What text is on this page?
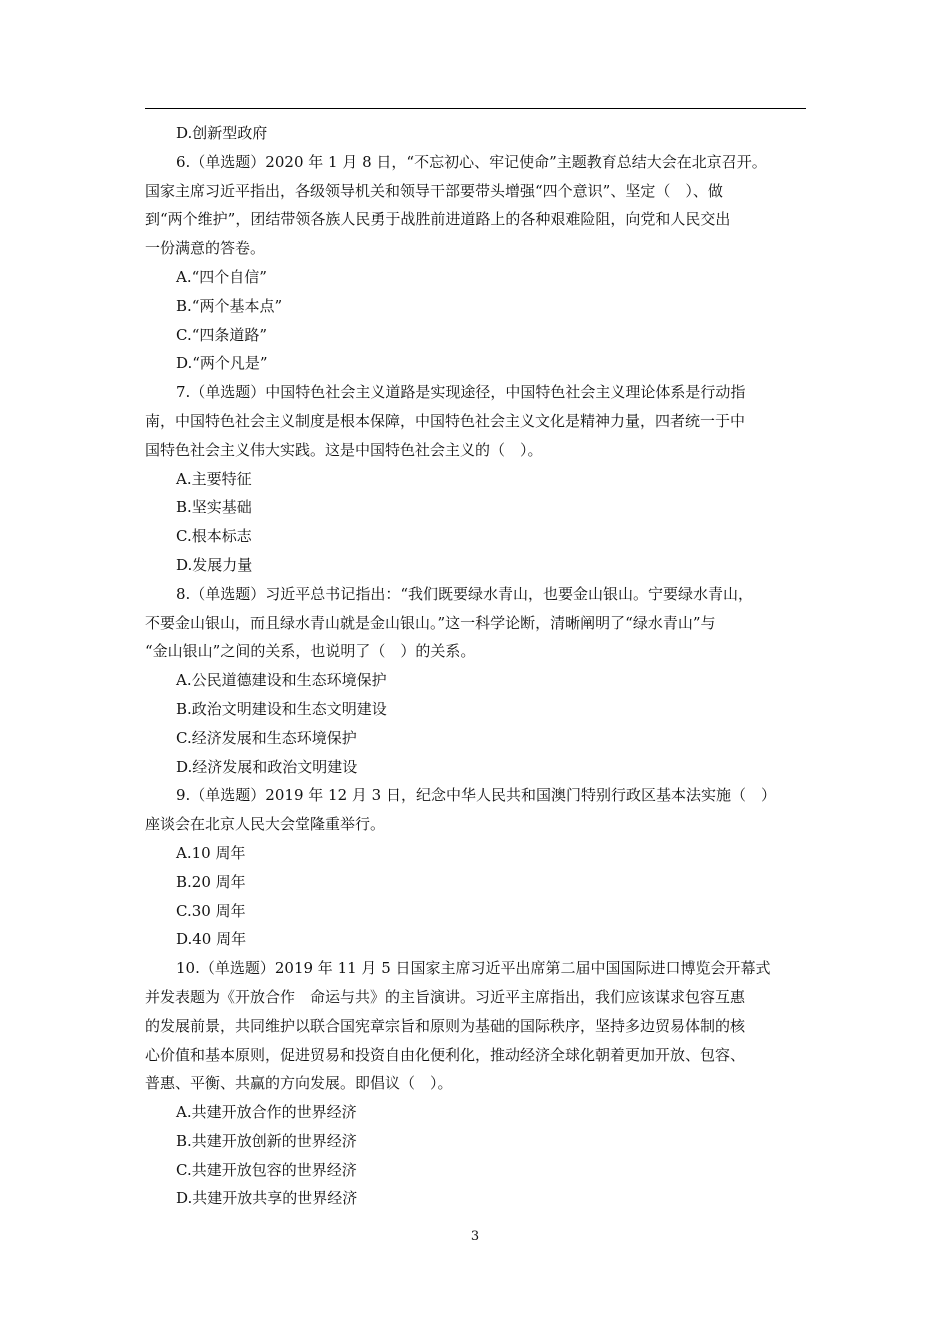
D.创新型政府
6.（单选题）2020 年 1 月 8 日，“不忘初心、牢记使命”主题教育总结大会在北京召开。
国家主席习近平指出，各级领导机关和领导干部要带头增强“四个意识”、坚定（　）、做
到“两个维护”，团结带领各族人民勇于战胜前进道路上的各种艰难险阻，向党和人民交出
一份满意的答卷。
A.“四个自信”
B.“两个基本点”
C.“四条道路”
D.“两个凡是”
7.（单选题）中国特色社会主义道路是实现途径，中国特色社会主义理论体系是行动指
南，中国特色社会主义制度是根本保障，中国特色社会主义文化是精神力量，四者统一于中
国特色社会主义伟大实践。这是中国特色社会主义的（　）。
A.主要特征
B.坚实基础
C.根本标志
D.发展力量
8.（单选题）习近平总书记指出：“我们既要绿水青山，也要金山银山。宁要绿水青山，
不要金山银山，而且绿水青山就是金山银山。”这一科学论断，清晰阐明了“绿水青山”与
“金山银山”之间的关系，也说明了（　）的关系。
A.公民道德建设和生态环境保护
B.政治文明建设和生态文明建设
C.经济发展和生态环境保护
D.经济发展和政治文明建设
9.（单选题）2019 年 12 月 3 日，纪念中华人民共和国澳门特别行政区基本法实施（　）
座谈会在北京人民大会堂隆重举行。
A.10 周年
B.20 周年
C.30 周年
D.40 周年
10.（单选题）2019 年 11 月 5 日国家主席习近平出席第二届中国国际进口博览会开幕式
并发表题为《开放合作　命运与共》的主旨演讲。习近平主席指出，我们应该谋求包容互惠
的发展前景，共同维护以联合国宪章宗旨和原则为基础的国际秩序，坚持多边贸易体制的核
心价值和基本原则，促进贸易和投资自由化便利化，推动经济全球化朝着更加开放、包容、
普惠、平衡、共赢的方向发展。即倡议（　）。
A.共建开放合作的世界经济
B.共建开放创新的世界经济
C.共建开放包容的世界经济
D.共建开放共享的世界经济
3
